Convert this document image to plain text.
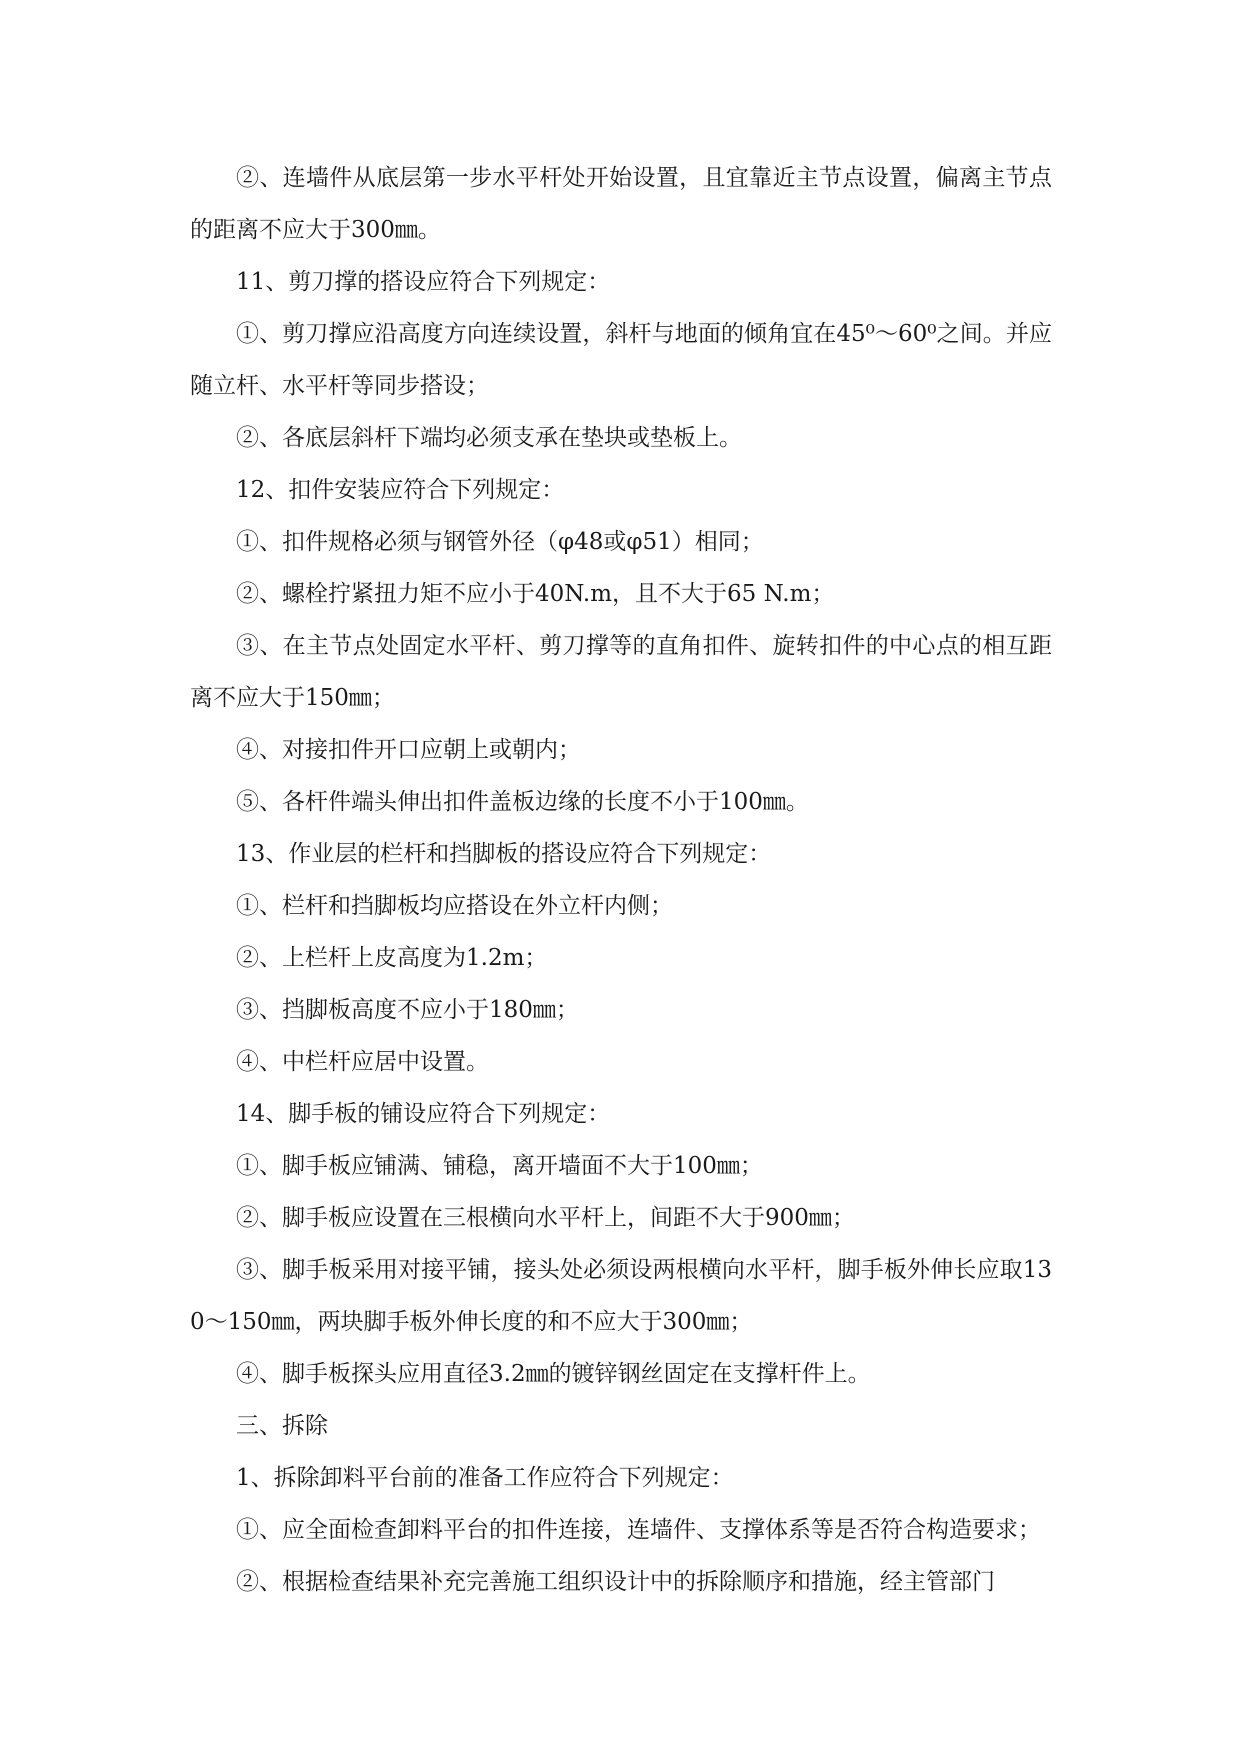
②、连墙件从底层第一步水平杆处开始设置，且宜靠近主节点设置，偏离主节点的距离不应大于300㎜。

11、剪刀撑的搭设应符合下列规定：

①、剪刀撑应沿高度方向连续设置，斜杆与地面的倾角宜在45⁰～60⁰之间。并应随立杆、水平杆等同步搭设；

②、各底层斜杆下端均必须支承在垫块或垫板上。

12、扣件安装应符合下列规定：

①、扣件规格必须与钢管外径（φ48或φ51）相同；

②、螺栓拧紧扭力矩不应小于40N.m，且不大于65 N.m；

③、在主节点处固定水平杆、剪刀撑等的直角扣件、旋转扣件的中心点的相互距离不应大于150㎜；

④、对接扣件开口应朝上或朝内；

⑤、各杆件端头伸出扣件盖板边缘的长度不小于100㎜。

13、作业层的栏杆和挡脚板的搭设应符合下列规定：

①、栏杆和挡脚板均应搭设在外立杆内侧；

②、上栏杆上皮高度为1.2m；

③、挡脚板高度不应小于180㎜；

④、中栏杆应居中设置。

14、脚手板的铺设应符合下列规定：

①、脚手板应铺满、铺稳，离开墙面不大于100㎜；

②、脚手板应设置在三根横向水平杆上，间距不大于900㎜；

③、脚手板采用对接平铺，接头处必须设两根横向水平杆，脚手板外伸长应取130～150㎜，两块脚手板外伸长度的和不应大于300㎜；

④、脚手板探头应用直径3.2㎜的镀锌钢丝固定在支撑杆件上。

三、拆除

1、拆除卸料平台前的准备工作应符合下列规定：

①、应全面检查卸料平台的扣件连接，连墙件、支撑体系等是否符合构造要求；

②、根据检查结果补充完善施工组织设计中的拆除顺序和措施，经主管部门
